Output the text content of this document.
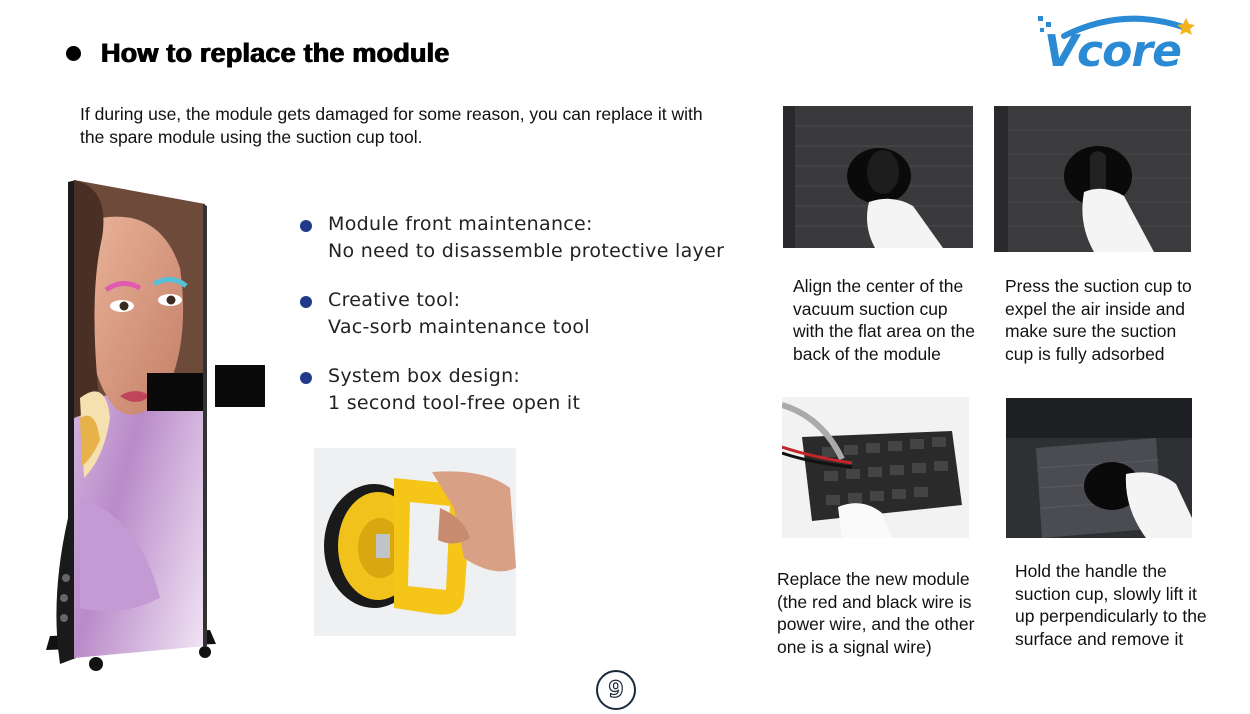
How to replace the module	Vcore

If during use, the module gets damaged for some reason, you can replace it with the spare module using the suction cup tool.

Module front maintenance:
No need to disassemble protective layer
Creative tool:
Vac-sorb maintenance tool
System box design:
1 second tool-free open it

Align the center of the vacuum suction cup with the flat area on the back of the module

Press the suction cup to expel the air inside and make sure the suction cup is fully adsorbed

Replace the new module (the red and black wire is power wire, and the other one is a signal wire)

Hold the handle the suction cup, slowly lift it up perpendicularly to the surface and remove it

9
